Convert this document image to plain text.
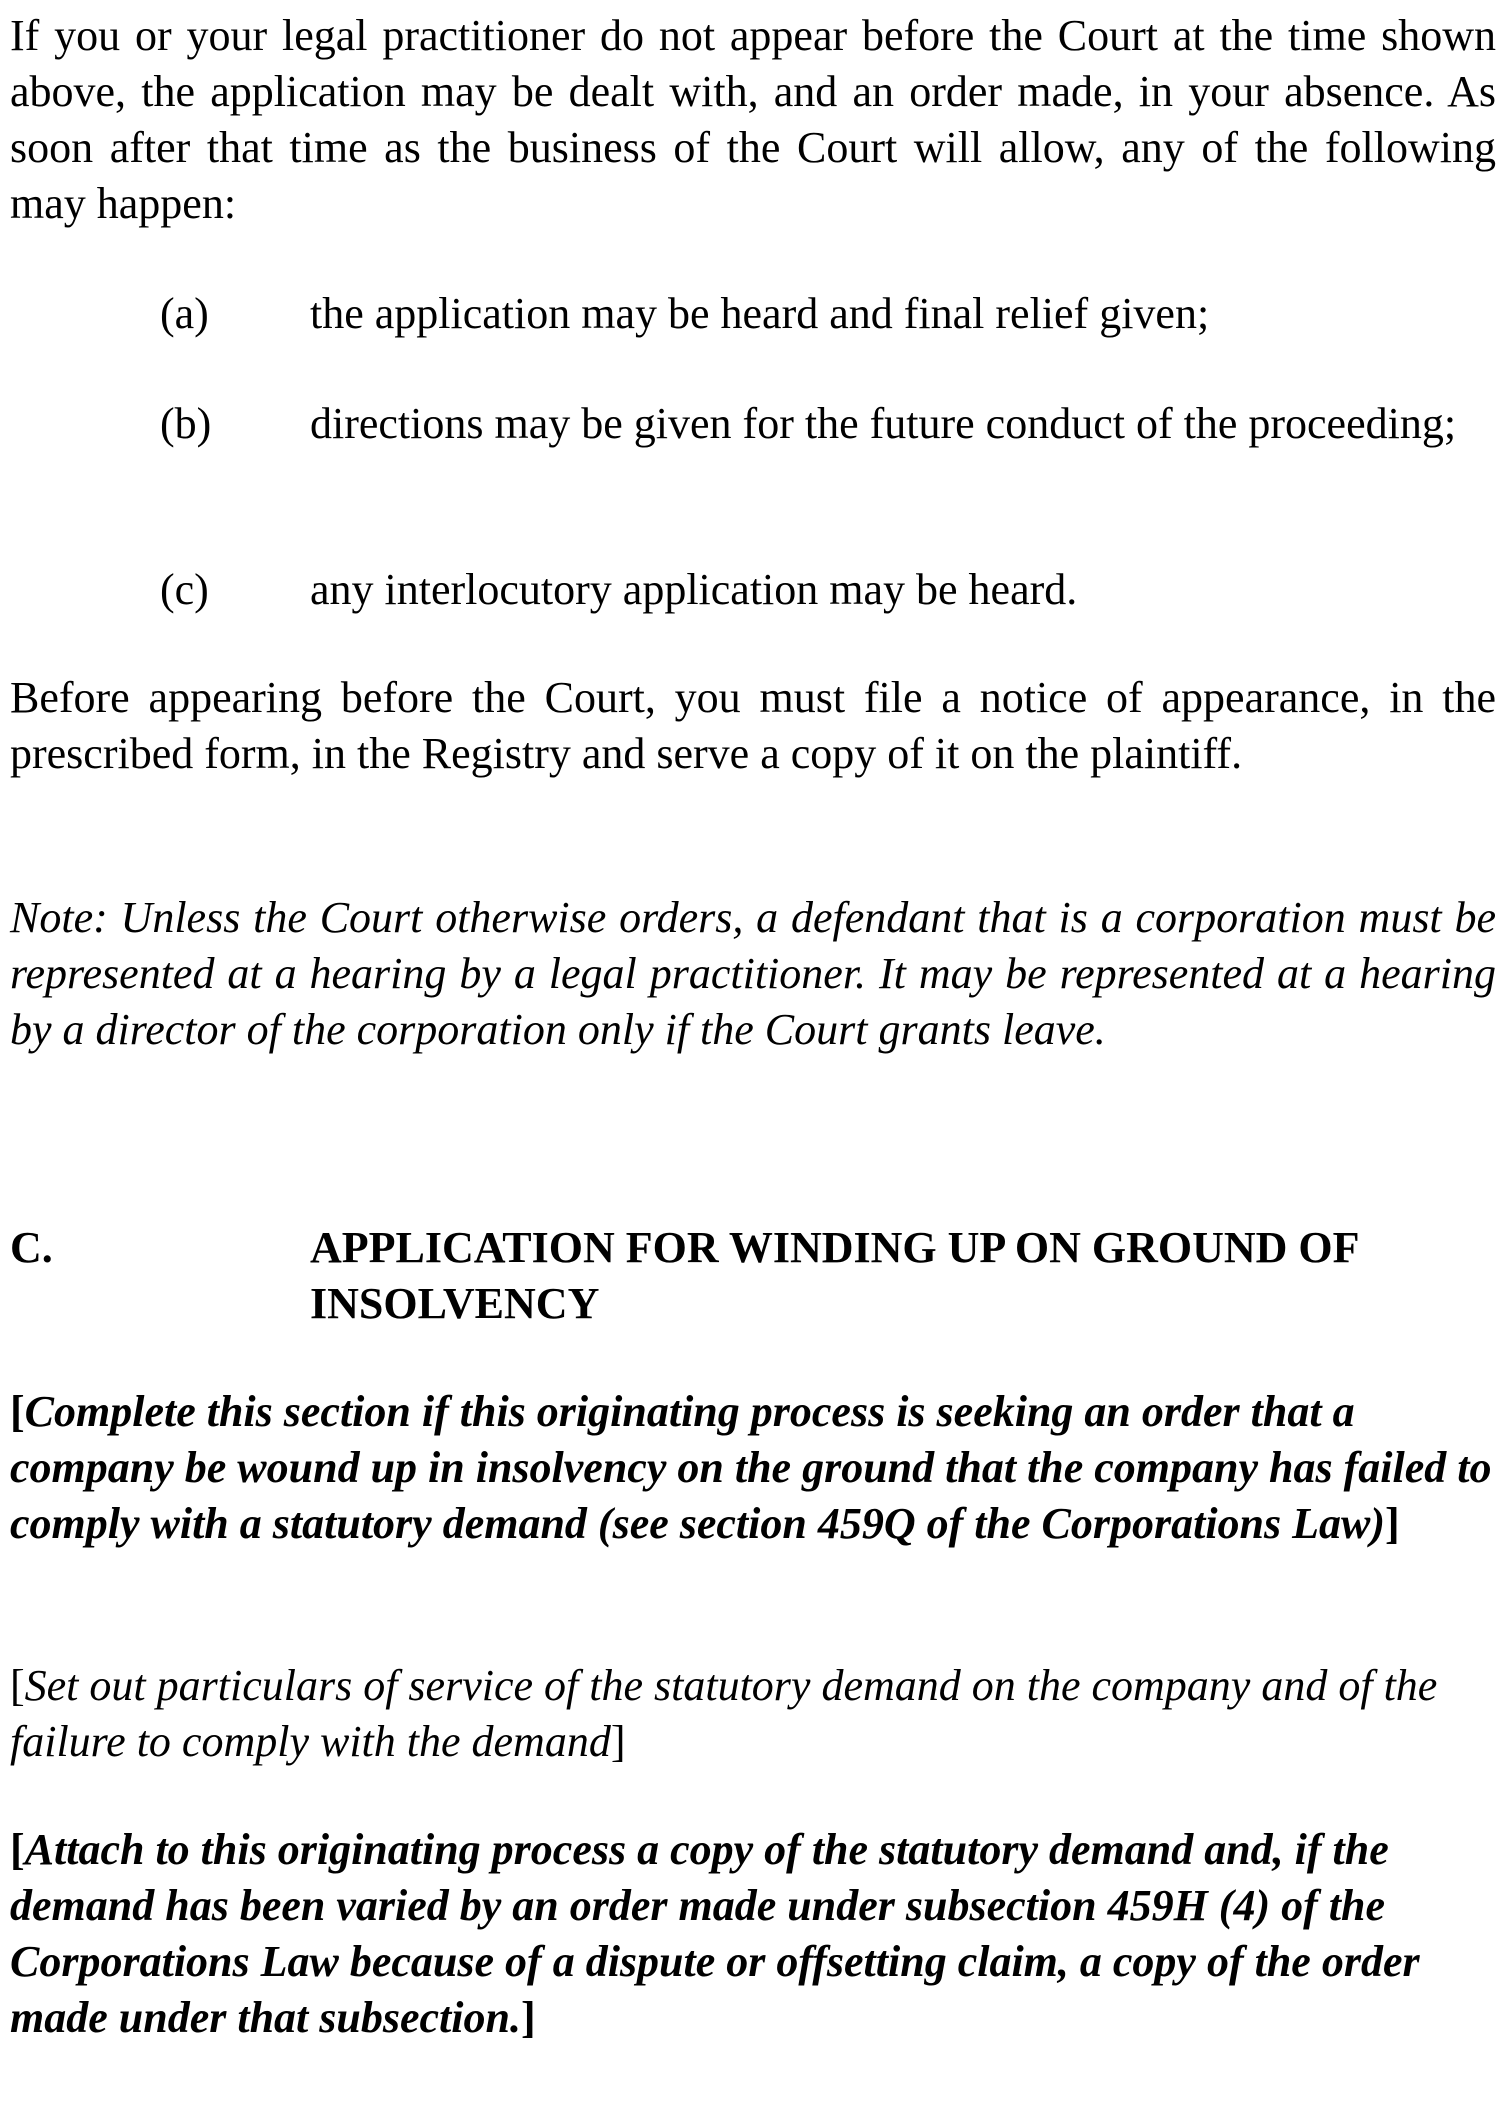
If you or your legal practitioner do not appear before the Court at the time shown above, the application may be dealt with, and an order made, in your absence. As soon after that time as the business of the Court will allow, any of the following may happen:

(a) the application may be heard and final relief given;

(b) directions may be given for the future conduct of the proceeding;

(c) any interlocutory application may be heard.

Before appearing before the Court, you must file a notice of appearance, in the prescribed form, in the Registry and serve a copy of it on the plaintiff.

Note: Unless the Court otherwise orders, a defendant that is a corporation must be represented at a hearing by a legal practitioner. It may be represented at a hearing by a director of the corporation only if the Court grants leave.

C.	APPLICATION FOR WINDING UP ON GROUND OF INSOLVENCY

[Complete this section if this originating process is seeking an order that a company be wound up in insolvency on the ground that the company has failed to comply with a statutory demand (see section 459Q of the Corporations Law)]

[Set out particulars of service of the statutory demand on the company and of the failure to comply with the demand]

[Attach to this originating process a copy of the statutory demand and, if the demand has been varied by an order made under subsection 459H (4) of the Corporations Law because of a dispute or offsetting claim, a copy of the order made under that subsection.]
